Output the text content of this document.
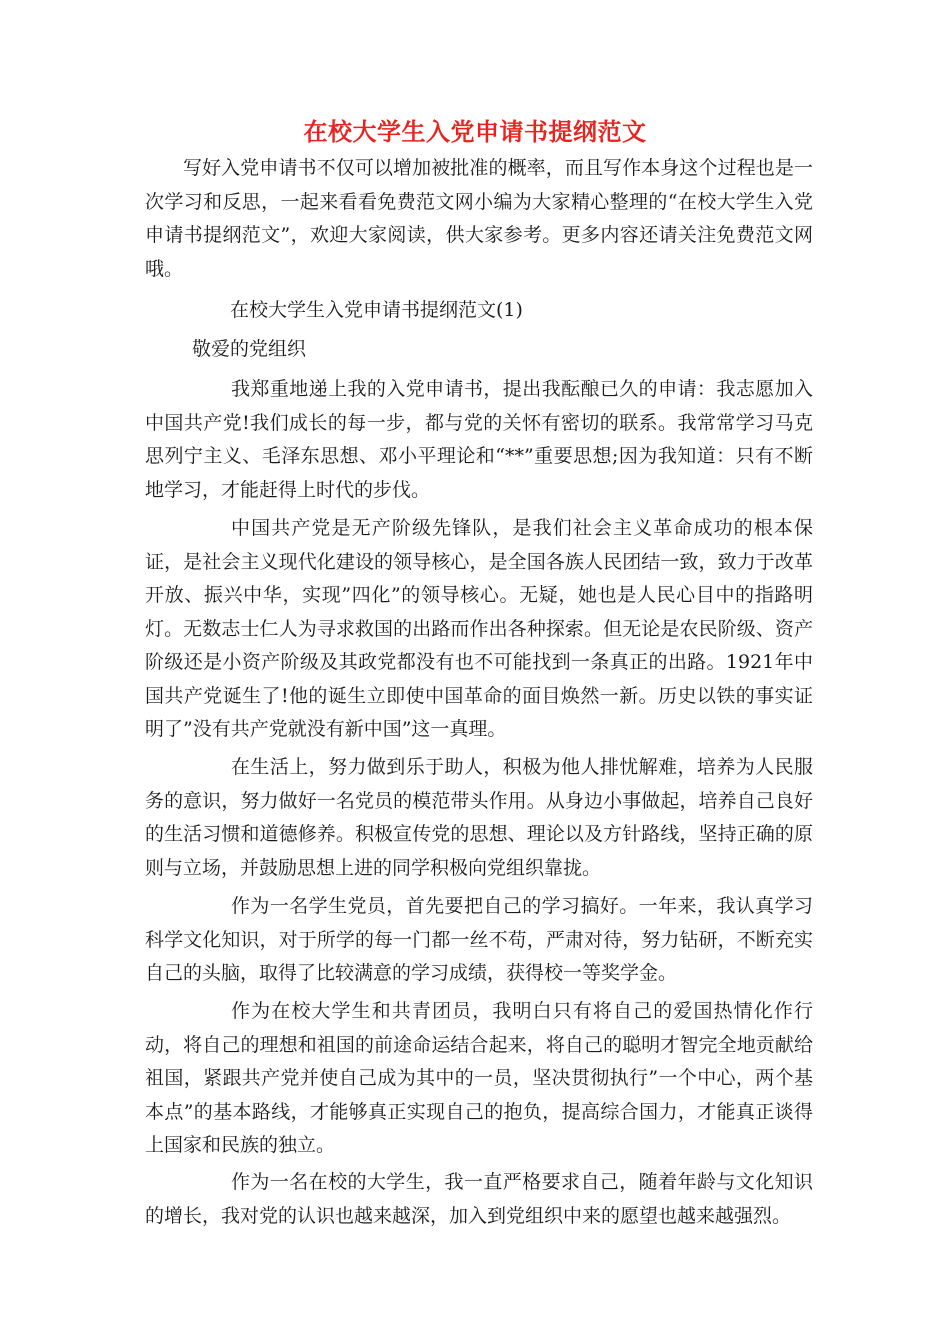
在校大学生入党申请书提纲范文

写好入党申请书不仅可以增加被批准的概率，而且写作本身这个过程也是一次学习和反思，一起来看看免费范文网小编为大家精心整理的“在校大学生入党申请书提纲范文”，欢迎大家阅读，供大家参考。更多内容还请关注免费范文网哦。

在校大学生入党申请书提纲范文(1)
敬爱的党组织

我郑重地递上我的入党申请书，提出我酝酿已久的申请：我志愿加入中国共产党!我们成长的每一步，都与党的关怀有密切的联系。我常常学习马克思列宁主义、毛泽东思想、邓小平理论和“**”重要思想;因为我知道：只有不断地学习，才能赶得上时代的步伐。

中国共产党是无产阶级先锋队，是我们社会主义革命成功的根本保证，是社会主义现代化建设的领导核心，是全国各族人民团结一致，致力于改革开放、振兴中华，实现”四化”的领导核心。无疑，她也是人民心目中的指路明灯。无数志士仁人为寻求救国的出路而作出各种探索。但无论是农民阶级、资产阶级还是小资产阶级及其政党都没有也不可能找到一条真正的出路。1921年中国共产党诞生了!他的诞生立即使中国革命的面目焕然一新。历史以铁的事实证明了”没有共产党就没有新中国”这一真理。

在生活上，努力做到乐于助人，积极为他人排忧解难，培养为人民服务的意识，努力做好一名党员的模范带头作用。从身边小事做起，培养自己良好的生活习惯和道德修养。积极宣传党的思想、理论以及方针路线，坚持正确的原则与立场，并鼓励思想上进的同学积极向党组织靠拢。

作为一名学生党员，首先要把自己的学习搞好。一年来，我认真学习科学文化知识，对于所学的每一门都一丝不苟，严肃对待，努力钻研，不断充实自己的头脑，取得了比较满意的学习成绩，获得校一等奖学金。

作为在校大学生和共青团员，我明白只有将自己的爱国热情化作行动，将自己的理想和祖国的前途命运结合起来，将自己的聪明才智完全地贡献给祖国，紧跟共产党并使自己成为其中的一员，坚决贯彻执行”一个中心，两个基本点”的基本路线，才能够真正实现自己的抱负，提高综合国力，才能真正谈得上国家和民族的独立。

作为一名在校的大学生，我一直严格要求自己，随着年龄与文化知识的增长，我对党的认识也越来越深，加入到党组织中来的愿望也越来越强烈。
